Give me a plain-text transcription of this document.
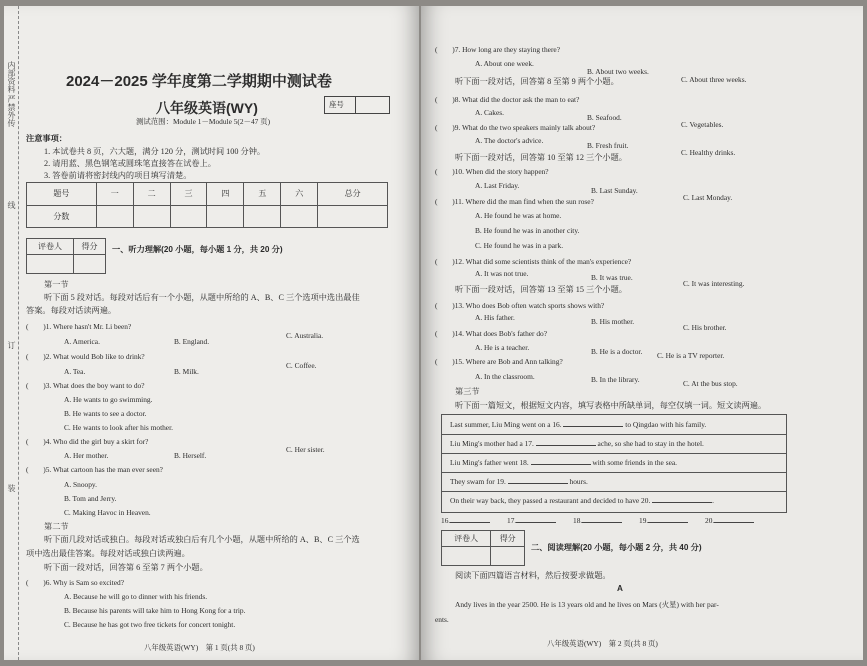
内部资料 严禁外传
线
订
装
2024－2025 学年度第二学期期中测试卷
八年级英语(WY)	座号
测试范围：Module 1－Module 5(2－47 页)
注意事项：
1. 本试卷共 8 页，六大题，满分 120 分，测试时间 100 分钟。
2. 请用蓝、黑色钢笔或圆珠笔直接答在试卷上。
3. 答卷前请将密封线内的项目填写清楚。
题号	一	二	三	四	五	六	总分
分数							
评卷人	得分
	一、听力理解(20 小题，每小题 1 分，共 20 分)
第一节
听下面 5 段对话。每段对话后有一个小题，从题中所给的 A、B、C 三个选项中选出最佳
答案。每段对话读两遍。
(　　)1. Where hasn't Mr. Li been?
A. America.	B. England.
C. Australia.
(　　)2. What would Bob like to drink?
A. Tea.	B. Milk.
C. Coffee.
(　　)3. What does the boy want to do?
A. He wants to go swimming.
B. He wants to see a doctor.
C. He wants to look after his mother.
(　　)4. Who did the girl buy a skirt for?
A. Her mother.	B. Herself.
C. Her sister.
(　　)5. What cartoon has the man ever seen?
A. Snoopy.
B. Tom and Jerry.
C. Making Havoc in Heaven.
第二节
听下面几段对话或独白。每段对话或独白后有几个小题，从题中所给的 A、B、C 三个选
项中选出最佳答案。每段对话或独白读两遍。
听下面一段对话，回答第 6 至第 7 两个小题。
(　　)6. Why is Sam so excited?
A. Because he will go to dinner with his friends.
B. Because his parents will take him to Hong Kong for a trip.
C. Because he has got two free tickets for concert tonight.
八年级英语(WY)　第 1 页(共 8 页)
(　　)7. How long are they staying there?
A. About one week.
B. About two weeks.
C. About three weeks.
听下面一段对话，回答第 8 至第 9 两个小题。
(　　)8. What did the doctor ask the man to eat?
A. Cakes.
B. Seafood.
C. Vegetables.
(　　)9. What do the two speakers mainly talk about?
A. The doctor's advice.
B. Fresh fruit.
C. Healthy drinks.
听下面一段对话，回答第 10 至第 12 三个小题。
(　　)10. When did the story happen?
A. Last Friday.
B. Last Sunday.
C. Last Monday.
(　　)11. Where did the man find when the sun rose?
A. He found he was at home.
B. He found he was in another city.
C. He found he was in a park.
(　　)12. What did some scientists think of the man's experience?
A. It was not true.	B. It was true.
C. It was interesting.
听下面一段对话，回答第 13 至第 15 三个小题。
(　　)13. Who does Bob often watch sports shows with?
A. His father.	B. His mother.
C. His brother.
(　　)14. What does Bob's father do?
A. He is a teacher.	B. He is a doctor. C. He is a TV reporter.
(　　)15. Where are Bob and Ann talking?
A. In the classroom.	B. In the library.	C. At the bus stop.
第三节
听下面一篇短文，根据短文内容，填写表格中所缺单词，每空仅填一词。短文读两遍。
Last summer, Liu Ming went on a 16.	to Qingdao with his family.
Liu Ming's mother had a 17.	ache, so she had to stay in the hotel.
Liu Ming's father went 18.	with some friends in the sea.
They swam for 19.	hours.
On their way back, they passed a restaurant and decided to have 20.	.
16.	17.	18.	19.	20.
评卷人	得分

二、阅读理解(20 小题，每小题 2 分，共 40 分)
阅读下面四篇语言材料，然后按要求做题。
A
Andy lives in the year 2500. He is 13 years old and he lives on Mars (火星) with her par-
ents.
八年级英语(WY)　第 2 页(共 8 页)
